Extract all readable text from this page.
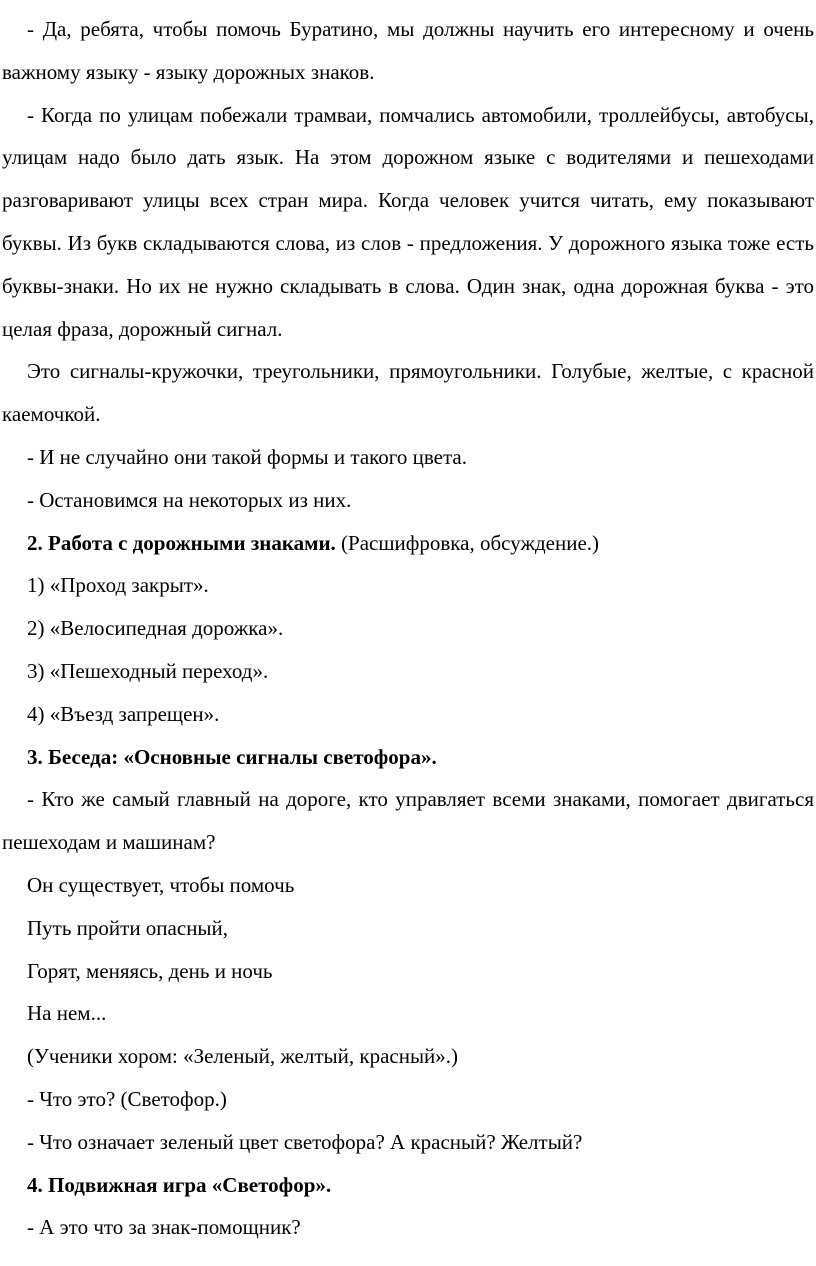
- Да, ребята, чтобы помочь Буратино, мы должны научить его интересному и очень важному языку - языку дорожных знаков.

- Когда по улицам побежали трамваи, помчались автомобили, троллейбусы, автобусы, улицам надо было дать язык. На этом дорожном языке с водителями и пешеходами разговаривают улицы всех стран мира. Когда человек учится читать, ему показывают буквы. Из букв складываются слова, из слов - предложения. У дорожного языка тоже есть буквы-знаки. Но их не нужно складывать в слова. Один знак, одна дорожная буква - это целая фраза, дорожный сигнал.

Это сигналы-кружочки, треугольники, прямоугольники. Голубые, желтые, с красной каемочкой.

- И не случайно они такой формы и такого цвета.

- Остановимся на некоторых из них.

2. Работа с дорожными знаками. (Расшифровка, обсуждение.)

1) «Проход закрыт».

2) «Велосипедная дорожка».

3) «Пешеходный переход».

4) «Въезд запрещен».

3. Беседа: «Основные сигналы светофора».

- Кто же самый главный на дороге, кто управляет всеми знаками, помогает двигаться пешеходам и машинам?

Он существует, чтобы помочь

Путь пройти опасный,

Горят, меняясь, день и ночь

На нем...

(Ученики хором: «Зеленый, желтый, красный».)

- Что это? (Светофор.)

- Что означает зеленый цвет светофора? А красный? Желтый?

4. Подвижная игра «Светофор».

- А это что за знак-помощник?
